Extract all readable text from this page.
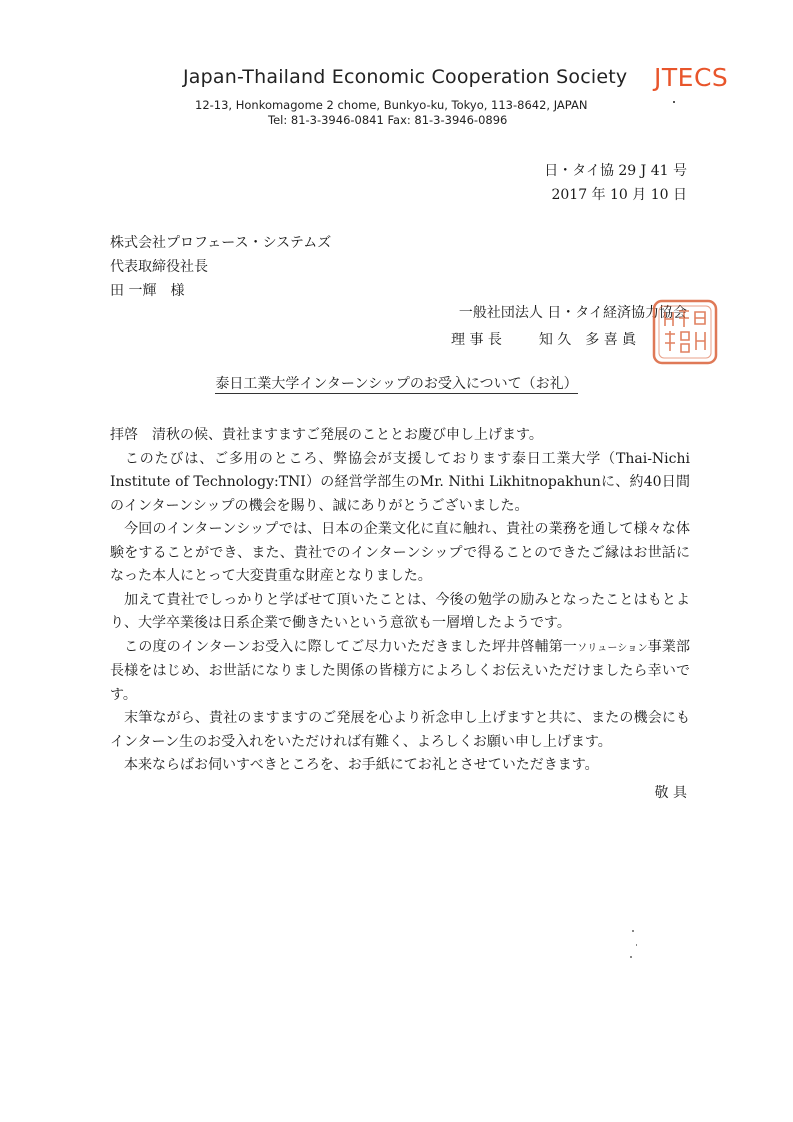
Japan-Thailand Economic Cooperation Society JTECS
12-13, Honkomagome 2 chome, Bunkyo-ku, Tokyo, 113-8642, JAPAN
Tel: 81-3-3946-0841 Fax: 81-3-3946-0896
日・タイ協 29 J 41 号
2017 年 10 月 10 日
株式会社プロフェース・システムズ
代表取締役社長
田 一輝　様
一般社団法人 日・タイ経済協力協会
理 事 長	知 久　多 喜 眞
泰日工業大学インターンシップのお受入について（お礼）

拝啓　清秋の候、貴社ますますご発展のこととお慶び申し上げます。

　このたびは、ご多用のところ、弊協会が支援しております泰日工業大学（Thai-Nichi Institute of Technology:TNI）の経営学部生のMr. Nithi Likhitnopakhunに、約40日間のインターンシップの機会を賜り、誠にありがとうございました。

　今回のインターンシップでは、日本の企業文化に直に触れ、貴社の業務を通して様々な体験をすることができ、また、貴社でのインターンシップで得ることのできたご縁はお世話になった本人にとって大変貴重な財産となりました。

　加えて貴社でしっかりと学ばせて頂いたことは、今後の勉学の励みとなったことはもとより、大学卒業後は日系企業で働きたいという意欲も一層増したようです。

　この度のインターンお受入に際してご尽力いただきました坪井啓輔第一ソリューション事業部長様をはじめ、お世話になりました関係の皆様方によろしくお伝えいただけましたら幸いです。

　末筆ながら、貴社のますますのご発展を心より祈念申し上げますと共に、またの機会にもインターン生のお受入れをいただければ有難く、よろしくお願い申し上げます。

　本来ならばお伺いすべきところを、お手紙にてお礼とさせていただきます。

敬 具
